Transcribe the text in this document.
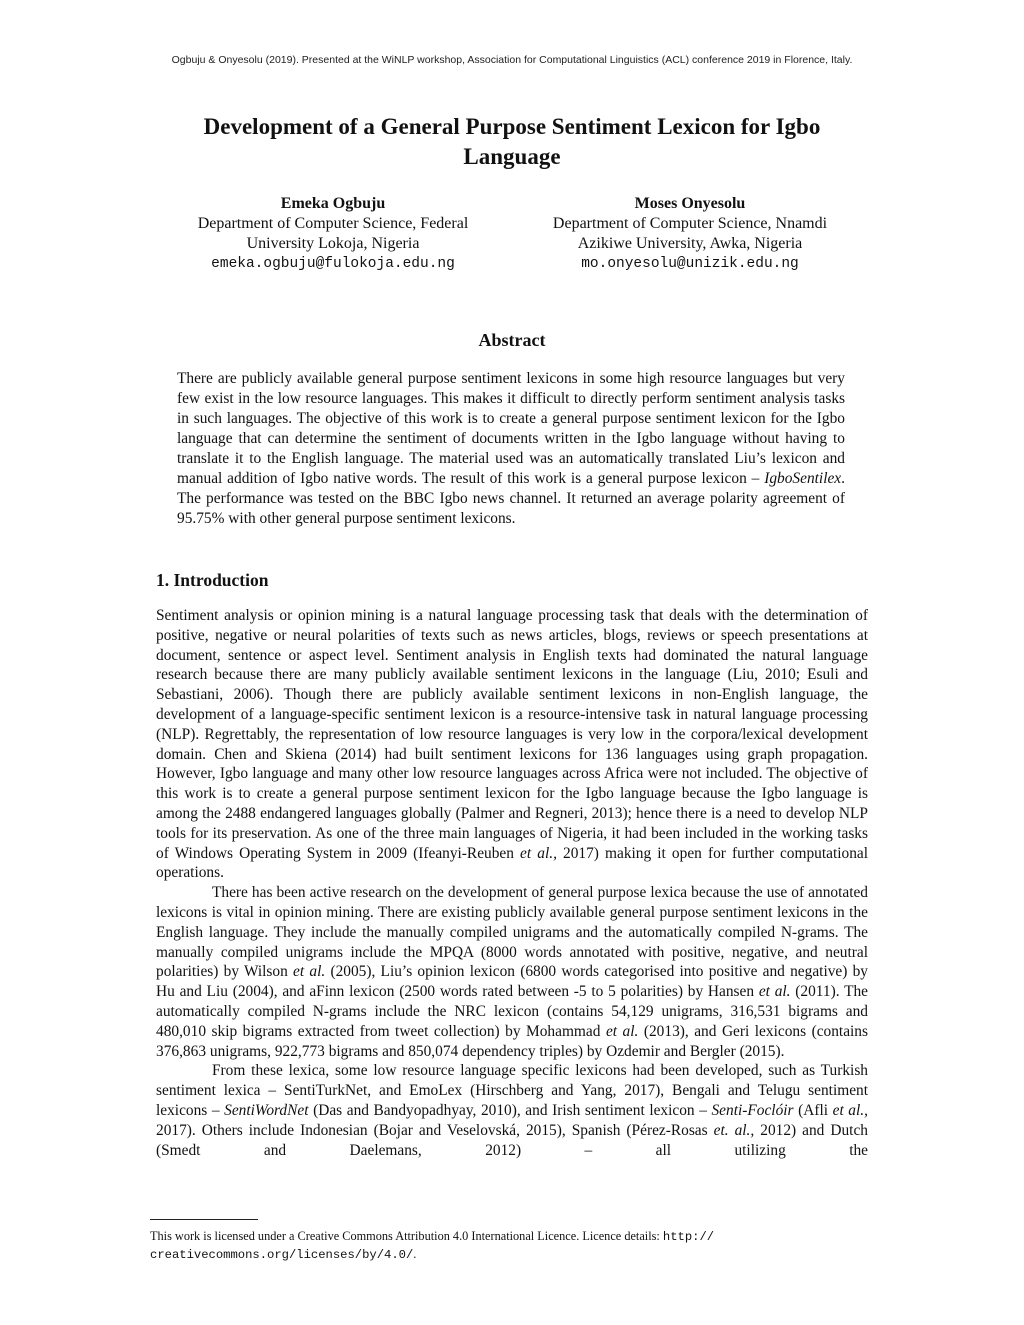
Ogbuju & Onyesolu (2019). Presented at the WiNLP workshop, Association for Computational Linguistics (ACL) conference 2019 in Florence, Italy.
Development of a General Purpose Sentiment Lexicon for Igbo
Language
Emeka Ogbuju
Department of Computer Science, Federal
University Lokoja, Nigeria
emeka.ogbuju@fulokoja.edu.ng
Moses Onyesolu
Department of Computer Science, Nnamdi
Azikiwe University, Awka, Nigeria
mo.onyesolu@unizik.edu.ng
Abstract
There are publicly available general purpose sentiment lexicons in some high resource languages but very few exist in the low resource languages. This makes it difficult to directly perform sentiment analysis tasks in such languages. The objective of this work is to create a general purpose sentiment lexicon for the Igbo language that can determine the sentiment of documents written in the Igbo language without having to translate it to the English language. The material used was an automatically translated Liu’s lexicon and manual addition of Igbo native words. The result of this work is a general purpose lexicon – IgboSentilex. The performance was tested on the BBC Igbo news channel. It returned an average polarity agreement of 95.75% with other general purpose sentiment lexicons.
1. Introduction

Sentiment analysis or opinion mining is a natural language processing task that deals with the determination of positive, negative or neural polarities of texts such as news articles, blogs, reviews or speech presentations at document, sentence or aspect level. Sentiment analysis in English texts had dominated the natural language research because there are many publicly available sentiment lexicons in the language (Liu, 2010; Esuli and Sebastiani, 2006). Though there are publicly available sentiment lexicons in non-English language, the development of a language-specific sentiment lexicon is a resource-intensive task in natural language processing (NLP). Regrettably, the representation of low resource languages is very low in the corpora/lexical development domain. Chen and Skiena (2014) had built sentiment lexicons for 136 languages using graph propagation. However, Igbo language and many other low resource languages across Africa were not included. The objective of this work is to create a general purpose sentiment lexicon for the Igbo language because the Igbo language is among the 2488 endangered languages globally (Palmer and Regneri, 2013); hence there is a need to develop NLP tools for its preservation. As one of the three main languages of Nigeria, it had been included in the working tasks of Windows Operating System in 2009 (Ifeanyi-Reuben et al., 2017) making it open for further computational operations.

There has been active research on the development of general purpose lexica because the use of annotated lexicons is vital in opinion mining. There are existing publicly available general purpose sentiment lexicons in the English language. They include the manually compiled unigrams and the automatically compiled N-grams. The manually compiled unigrams include the MPQA (8000 words annotated with positive, negative, and neutral polarities) by Wilson et al. (2005), Liu’s opinion lexicon (6800 words categorised into positive and negative) by Hu and Liu (2004), and aFinn lexicon (2500 words rated between -5 to 5 polarities) by Hansen et al. (2011). The automatically compiled N-grams include the NRC lexicon (contains 54,129 unigrams, 316,531 bigrams and 480,010 skip bigrams extracted from tweet collection) by Mohammad et al. (2013), and Geri lexicons (contains 376,863 unigrams, 922,773 bigrams and 850,074 dependency triples) by Ozdemir and Bergler (2015).

From these lexica, some low resource language specific lexicons had been developed, such as Turkish sentiment lexica – SentiTurkNet, and EmoLex (Hirschberg and Yang, 2017), Bengali and Telugu sentiment lexicons – SentiWordNet (Das and Bandyopadhyay, 2010), and Irish sentiment lexicon – Senti-Foclóir (Afli et al., 2017). Others include Indonesian (Bojar and Veselovská, 2015), Spanish (Pérez-Rosas et. al., 2012) and Dutch (Smedt and Daelemans, 2012) – all utilizing the

This work is licensed under a Creative Commons Attribution 4.0 International Licence. Licence details: http://
creativecommons.org/licenses/by/4.0/.
